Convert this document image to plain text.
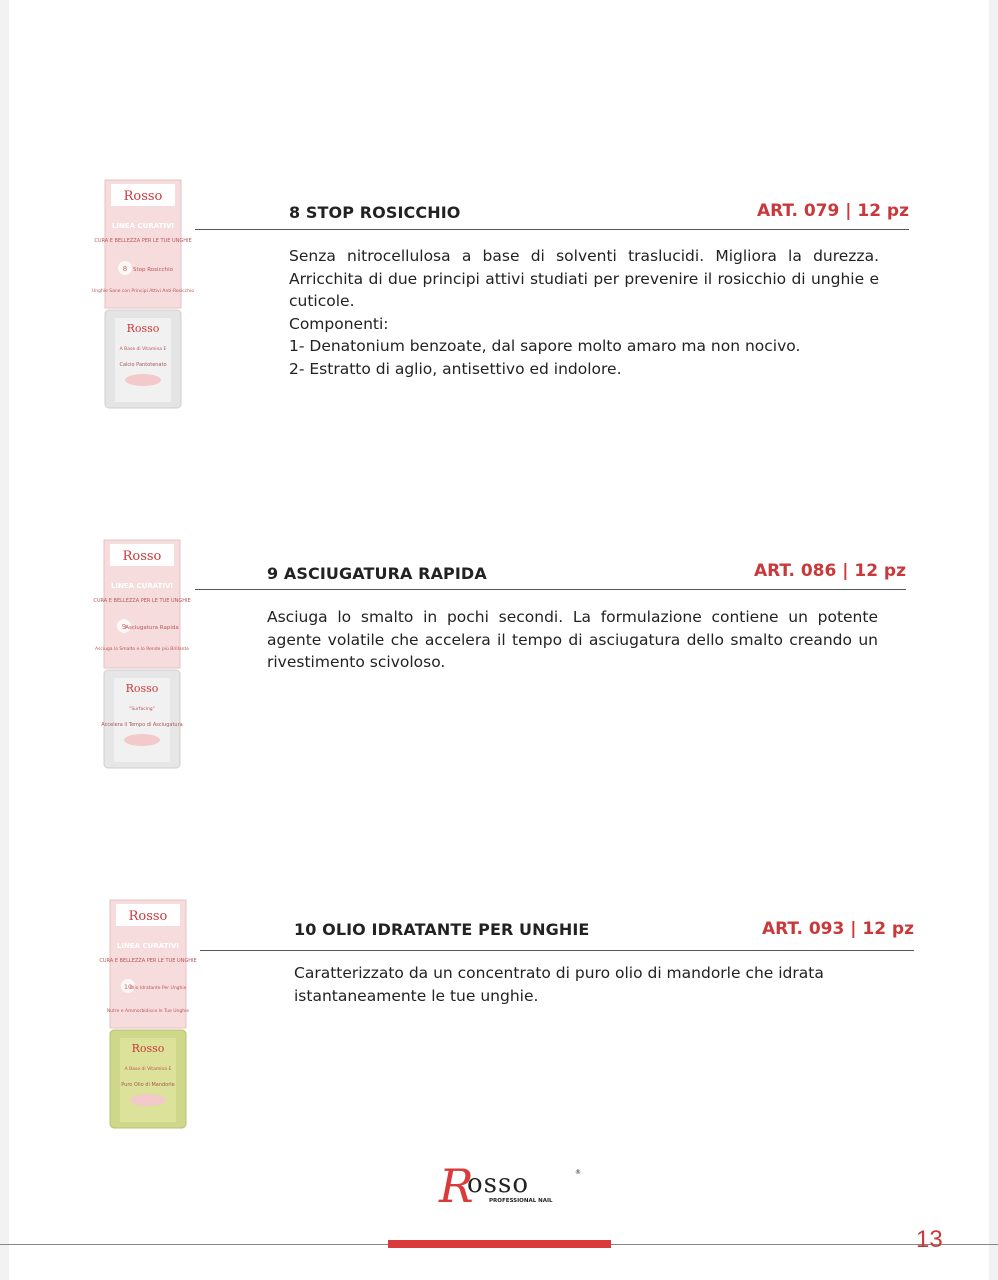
Rosso
LINEA CURATIVI
CURA E BELLEZZA PER LE TUE UNGHIE
8 Stop Rosicchio
Unghie Sane con Principi Attivi Anti-Rosicchio
Rosso
A Base di Vitamina E
Calcio Pantotenato
8 STOP ROSICCHIO	ART. 079 | 12 pz

Senza nitrocellulosa a base di solventi traslucidi. Migliora la durezza. Arricchita di due principi attivi studiati per prevenire il rosicchio di unghie e cuticole.

Componenti:
1- Denatonium benzoate, dal sapore molto amaro ma non nocivo.
2- Estratto di aglio, antisettivo ed indolore.
Rosso
LINEA CURATIVI
CURA E BELLEZZA PER LE TUE UNGHIE
9 Asciugatura Rapida
Asciuga lo Smalto e lo Rende più Brillante
Rosso
"Surfacing"
Accelera il Tempo di Asciugatura
9 ASCIUGATURA RAPIDA	ART. 086 | 12 pz

Asciuga lo smalto in pochi secondi. La formulazione contiene un potente agente volatile che accelera il tempo di asciugatura dello smalto creando un rivestimento scivoloso.

Rosso
LINEA CURATIVI
CURA E BELLEZZA PER LE TUE UNGHIE
10
Olio Idratante Per Unghie
Nutre e Ammorbidisce le Tue Unghie
Rosso
A Base di Vitamina E
Puro Olio di Mandorle
10 OLIO IDRATANTE PER UNGHIE	ART. 093 | 12 pz

Caratterizzato da un concentrato di puro olio di mandorle che idrata istantaneamente le tue unghie.

R
osso	®
PROFESSIONAL NAIL
13
